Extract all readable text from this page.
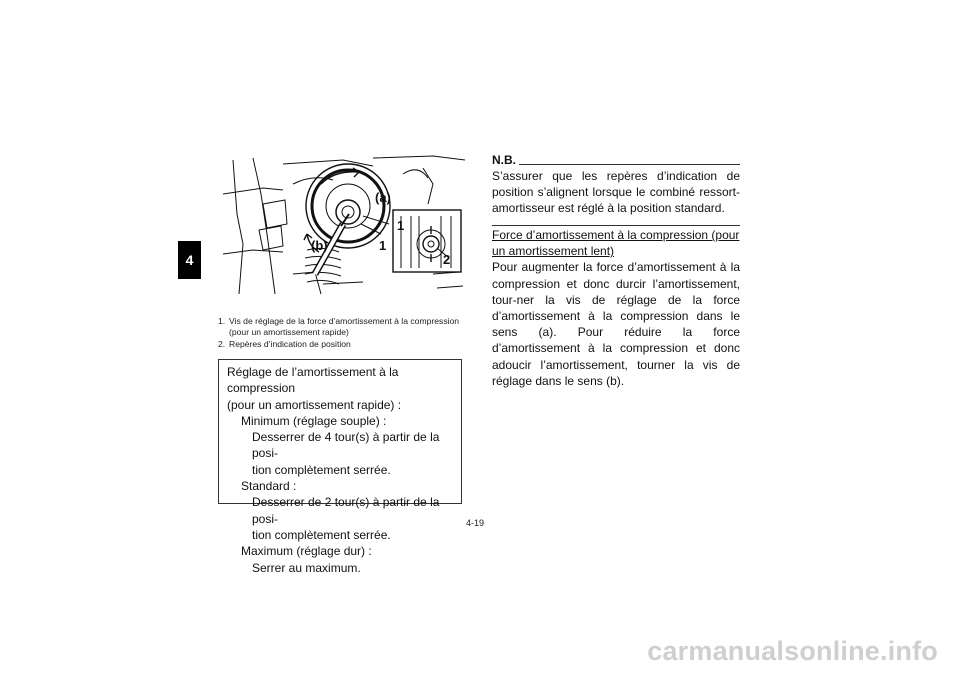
4
(a)
(b)	1
1
2
1. Vis de réglage de la force d’amortissement à la compression (pour un amortissement rapide)
2. Repères d’indication de position
Réglage de l’amortissement à la compression
(pour un amortissement rapide) :
Minimum (réglage souple) :
Desserrer de 4 tour(s) à partir de la posi-
tion complètement serrée.
Standard :
Desserrer de 2 tour(s) à partir de la posi-
tion complètement serrée.
Maximum (réglage dur) :
Serrer au maximum.
N.B.
S’assurer que les repères d’indication de position s’alignent lorsque le combiné ressort-amortisseur est réglé à la position standard.
Force d’amortissement à la compression (pour un amortissement lent)
Pour augmenter la force d’amortissement à la compression et donc durcir l’amortissement, tour-ner la vis de réglage de la force d’amortissement à la compression dans le sens (a). Pour réduire la force d’amortissement à la compression et donc adoucir l’amortissement, tourner la vis de réglage dans le sens (b).
4-19
carmanualsonline.info
